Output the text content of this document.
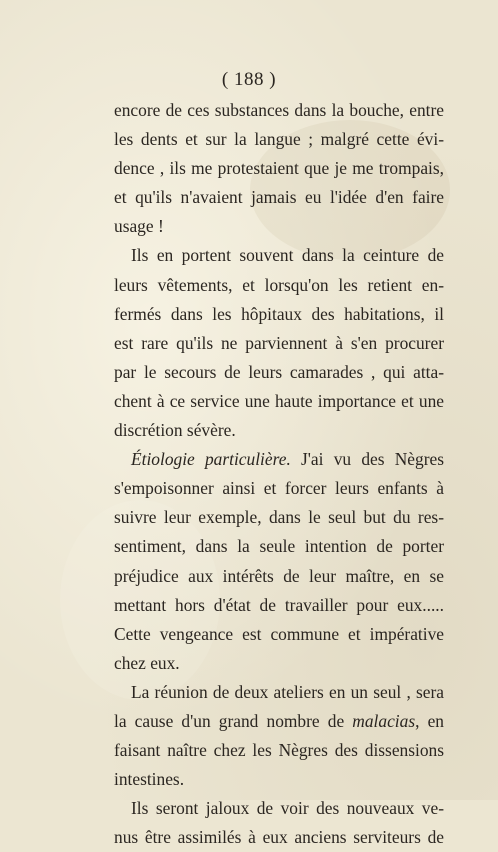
( 188 )
encore de ces substances dans la bouche, entre
les dents et sur la langue ; malgré cette évi-
dence , ils me protestaient que je me trompais,
et qu'ils n'avaient jamais eu l'idée d'en faire
usage !
Ils en portent souvent dans la ceinture de
leurs vêtements, et lorsqu'on les retient en-
fermés dans les hôpitaux des habitations, il
est rare qu'ils ne parviennent à s'en procurer
par le secours de leurs camarades , qui atta-
chent à ce service une haute importance et une
discrétion sévère.
Étiologie particulière. J'ai vu des Nègres
s'empoisonner ainsi et forcer leurs enfants à
suivre leur exemple, dans le seul but du res-
sentiment, dans la seule intention de porter
préjudice aux intérêts de leur maître, en se
mettant hors d'état de travailler pour eux.....
Cette vengeance est commune et impérative
chez eux.
La réunion de deux ateliers en un seul , sera
la cause d'un grand nombre de malacias, en
faisant naître chez les Nègres des dissensions
intestines.
Ils seront jaloux de voir des nouveaux ve-
nus être assimilés à eux anciens serviteurs de
